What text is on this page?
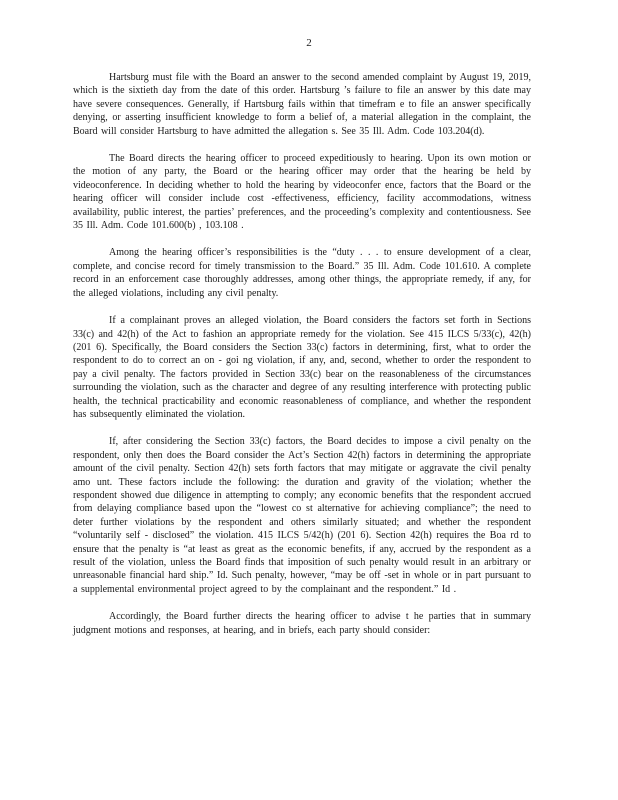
2

Hartsburg must file with the Board an answer to the second amended complaint by August 19, 2019, which is the sixtieth day from the date of this order. Hartsburg ’s failure to file an answer by this date may have severe consequences. Generally, if Hartsburg fails within that timefram e to file an answer specifically denying, or asserting insufficient knowledge to form a belief of, a material allegation in the complaint, the Board will consider Hartsburg to have admitted the allegation s. See 35 Ill. Adm. Code 103.204(d).

The Board directs the hearing officer to proceed expeditiously to hearing. Upon its own motion or the motion of any party, the Board or the hearing officer may order that the hearing be held by videoconference. In deciding whether to hold the hearing by videoconfer ence, factors that the Board or the hearing officer will consider include cost -effectiveness, efficiency, facility accommodations, witness availability, public interest, the parties’ preferences, and the proceeding’s complexity and contentiousness. See 35 Ill. Adm. Code 101.600(b) , 103.108 .

Among the hearing officer’s responsibilities is the “duty . . . to ensure development of a clear, complete, and concise record for timely transmission to the Board.” 35 Ill. Adm. Code 101.610. A complete record in an enforcement case thoroughly addresses, among other things, the appropriate remedy, if any, for the alleged violations, including any civil penalty.

If a complainant proves an alleged violation, the Board considers the factors set forth in Sections 33(c) and 42(h) of the Act to fashion an appropriate remedy for the violation. See 415 ILCS 5/33(c), 42(h) (201 6). Specifically, the Board considers the Section 33(c) factors in determining, first, what to order the respondent to do to correct an on - goi ng violation, if any, and, second, whether to order the respondent to pay a civil penalty. The factors provided in Section 33(c) bear on the reasonableness of the circumstances surrounding the violation, such as the character and degree of any resulting interference with protecting public health, the technical practicability and economic reasonableness of compliance, and whether the respondent has subsequently eliminated the violation.

If, after considering the Section 33(c) factors, the Board decides to impose a civil penalty on the respondent, only then does the Board consider the Act’s Section 42(h) factors in determining the appropriate amount of the civil penalty. Section 42(h) sets forth factors that may mitigate or aggravate the civil penalty amo unt. These factors include the following: the duration and gravity of the violation; whether the respondent showed due diligence in attempting to comply; any economic benefits that the respondent accrued from delaying compliance based upon the “lowest co st alternative for achieving compliance”; the need to deter further violations by the respondent and others similarly situated; and whether the respondent “voluntarily self - disclosed” the violation. 415 ILCS 5/42(h) (201 6). Section 42(h) requires the Boa rd to ensure that the penalty is “at least as great as the economic benefits, if any, accrued by the respondent as a result of the violation, unless the Board finds that imposition of such penalty would result in an arbitrary or unreasonable financial hard ship.” Id. Such penalty, however, “may be off -set in whole or in part pursuant to a supplemental environmental project agreed to by the complainant and the respondent.” Id .

Accordingly, the Board further directs the hearing officer to advise t he parties that in summary judgment motions and responses, at hearing, and in briefs, each party should consider:
